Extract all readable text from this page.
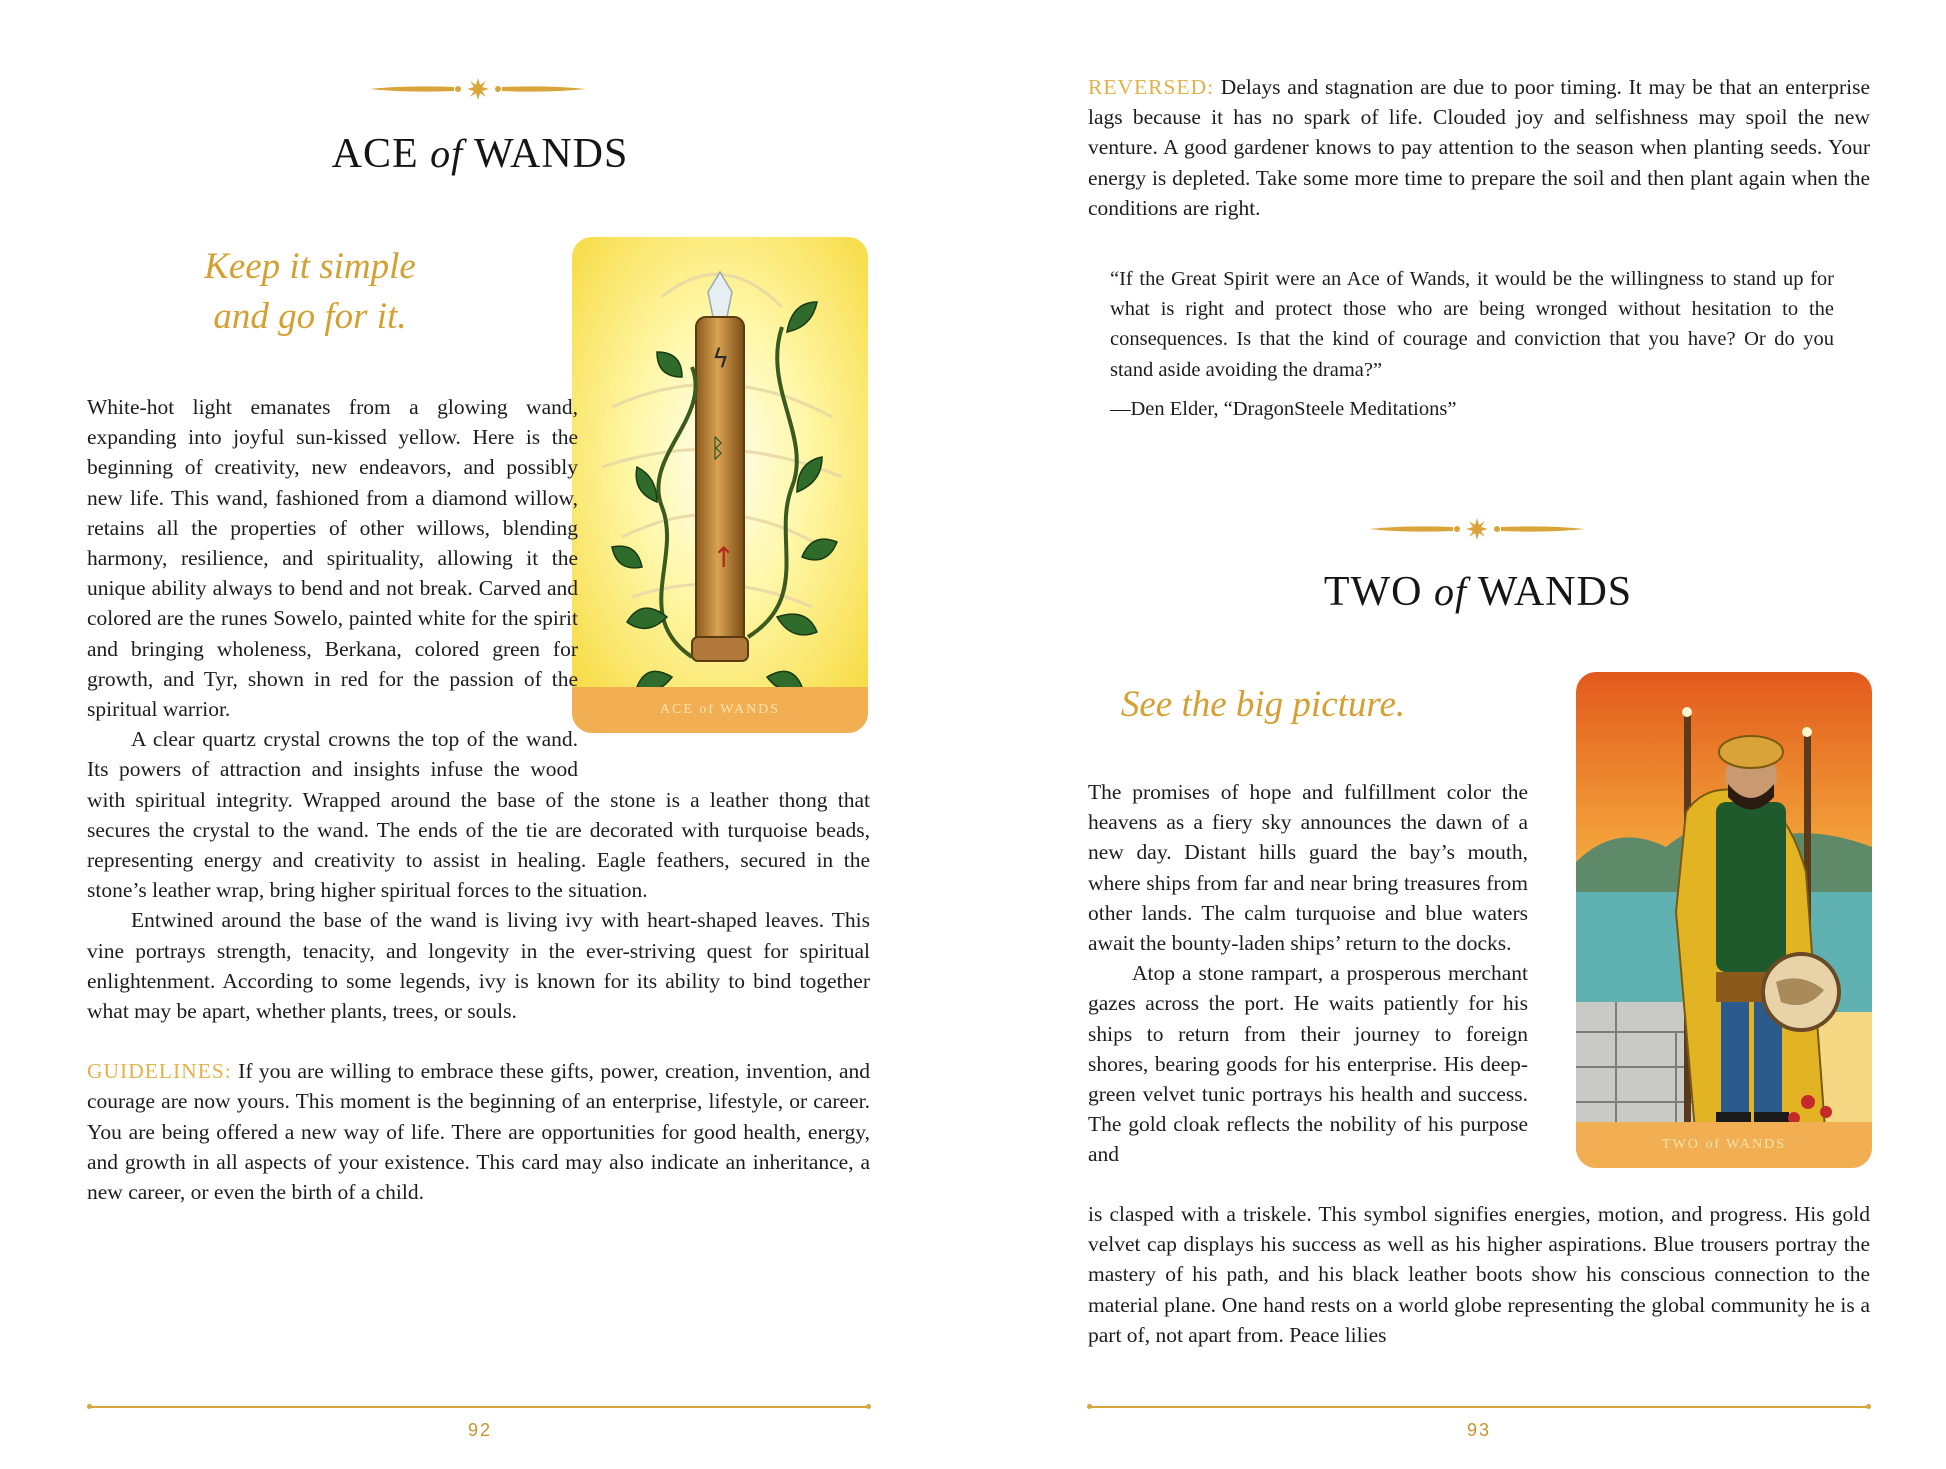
ACE of WANDS
Keep it simple
and go for it.
ϟ
ᛒ
↑
ACE of WANDS

White-hot light emanates from a glowing wand, expanding into joyful sun-kissed yellow. Here is the beginning of creativity, new endeavors, and possibly new life. This wand, fashioned from a diamond willow, retains all the properties of other willows, blending harmony, resilience, and spirituality, allowing it the unique ability always to bend and not break. Carved and colored are the runes Sowelo, painted white for the spirit and bringing wholeness, Berkana, colored green for growth, and Tyr, shown in red for the passion of the spiritual warrior.

A clear quartz crystal crowns the top of the wand. Its powers of attraction and insights infuse the wood with spiritual integrity. Wrapped around the base of the stone is a leather thong that secures the crystal to the wand. The ends of the tie are decorated with turquoise beads, representing energy and creativity to assist in healing. Eagle feathers, secured in the stone’s leather wrap, bring higher spiritual forces to the situation.

Entwined around the base of the wand is living ivy with heart-shaped leaves. This vine portrays strength, tenacity, and longevity in the ever-striving quest for spiritual enlightenment. According to some legends, ivy is known for its ability to bind together what may be apart, whether plants, trees, or souls.

GUIDELINES: If you are willing to embrace these gifts, power, creation, invention, and courage are now yours. This moment is the beginning of an enterprise, lifestyle, or career. You are being offered a new way of life. There are opportunities for good health, energy, and growth in all aspects of your existence. This card may also indicate an inheritance, a new career, or even the birth of a child.

92

REVERSED: Delays and stagnation are due to poor timing. It may be that an enterprise lags because it has no spark of life. Clouded joy and selfishness may spoil the new venture. A good gardener knows to pay attention to the season when planting seeds. Your energy is depleted. Take some more time to prepare the soil and then plant again when the conditions are right.

“If the Great Spirit were an Ace of Wands, it would be the willingness to stand up for what is right and protect those who are being wronged without hesitation to the consequences. Is that the kind of courage and conviction that you have? Or do you stand aside avoiding the drama?”
—Den Elder, “DragonSteele Meditations”
TWO of WANDS
See the big picture.
TWO of WANDS

The promises of hope and fulfillment color the heavens as a fiery sky announces the dawn of a new day. Distant hills guard the bay’s mouth, where ships from far and near bring treasures from other lands. The calm turquoise and blue waters await the bounty-laden ships’ return to the docks.

Atop a stone rampart, a prosperous merchant gazes across the port. He waits patiently for his ships to return from their journey to foreign shores, bearing goods for his enterprise. His deep-green velvet tunic portrays his health and success. The gold cloak reflects the nobility of his purpose and

is clasped with a triskele. This symbol signifies energies, motion, and progress. His gold velvet cap displays his success as well as his higher aspirations. Blue trousers portray the mastery of his path, and his black leather boots show his conscious connection to the material plane. One hand rests on a world globe representing the global community he is a part of, not apart from. Peace lilies

93
